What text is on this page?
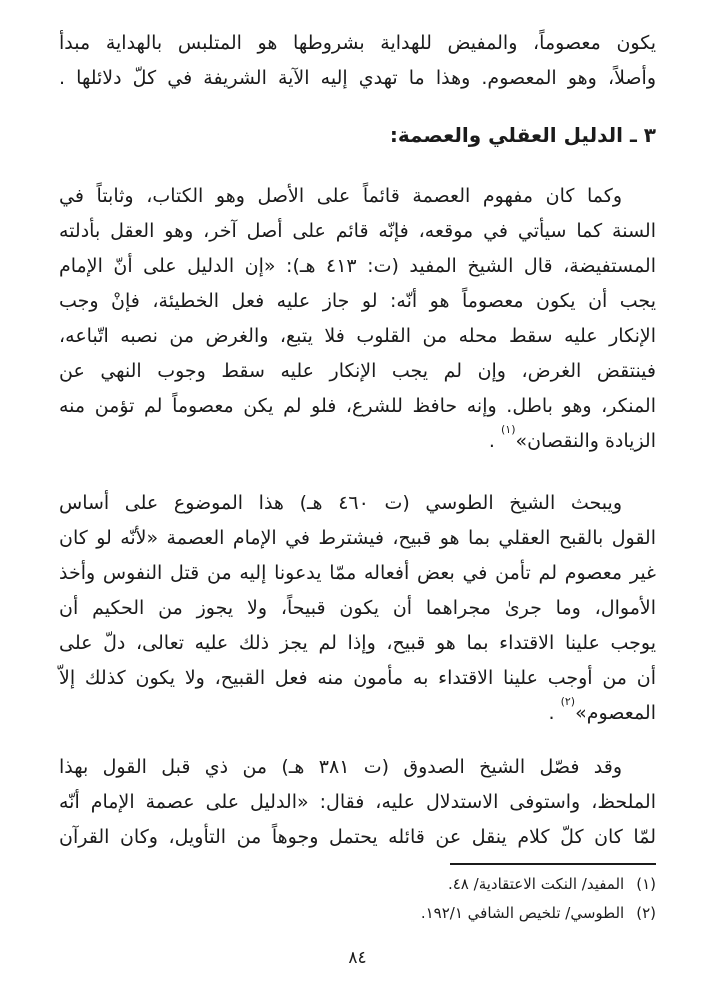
يكون معصوماً، والمفيض للهداية بشروطها هو المتلبس بالهداية مبدأ
وأصلاً، وهو المعصوم. وهذا ما تهدي إليه الآية الشريفة في كلّ دلائلها .
٣ ـ الدليل العقلي والعصمة:
وكما كان مفهوم العصمة قائماً على الأصل وهو الكتاب، وثابتاً في
السنة كما سيأتي في موقعه، فإنّه قائم على أصل آخر، وهو العقل بأدلته
المستفيضة، قال الشيخ المفيد (ت: ٤١٣ هـ): «إن الدليل على أنّ الإمام
يجب أن يكون معصوماً هو أنّه: لو جاز عليه فعل الخطيئة، فإنْ وجب
الإنكار عليه سقط محله من القلوب فلا يتبع، والغرض من نصبه اتّباعه،
فينتقض الغرض، وإن لم يجب الإنكار عليه سقط وجوب النهي عن
المنكر، وهو باطل. وإنه حافظ للشرع، فلو لم يكن معصوماً لم تؤمن منه
الزيادة والنقصان»$^{(١)}$ .
ويبحث الشيخ الطوسي (ت ٤٦٠ هـ) هذا الموضوع على أساس
القول بالقبح العقلي بما هو قبيح، فيشترط في الإمام العصمة «لأنّه لو كان
غير معصوم لم تأمن في بعض أفعاله ممّا يدعونا إليه من قتل النفوس وأخذ
الأموال، وما جرىٰ مجراهما أن يكون قبيحاً، ولا يجوز من الحكيم أن
يوجب علينا الاقتداء بما هو قبيح، وإذا لم يجز ذلك عليه تعالى، دلّ على
أن من أوجب علينا الاقتداء به مأمون منه فعل القبيح، ولا يكون كذلك إلاّ
المعصوم»$^{(٢)}$ .
وقد فصّل الشيخ الصدوق (ت ٣٨١ هـ) من ذي قبل القول بهذا
الملحظ، واستوفى الاستدلال عليه، فقال: «الدليل على عصمة الإمام أنّه
لمّا كان كلّ كلام ينقل عن قائله يحتمل وجوهاً من التأويل، وكان القرآن
(١)
المفيد/ النكت الاعتقادية/ ٤٨.
(٢)
الطوسي/ تلخيص الشافي ١٩٢/١.
٨٤
